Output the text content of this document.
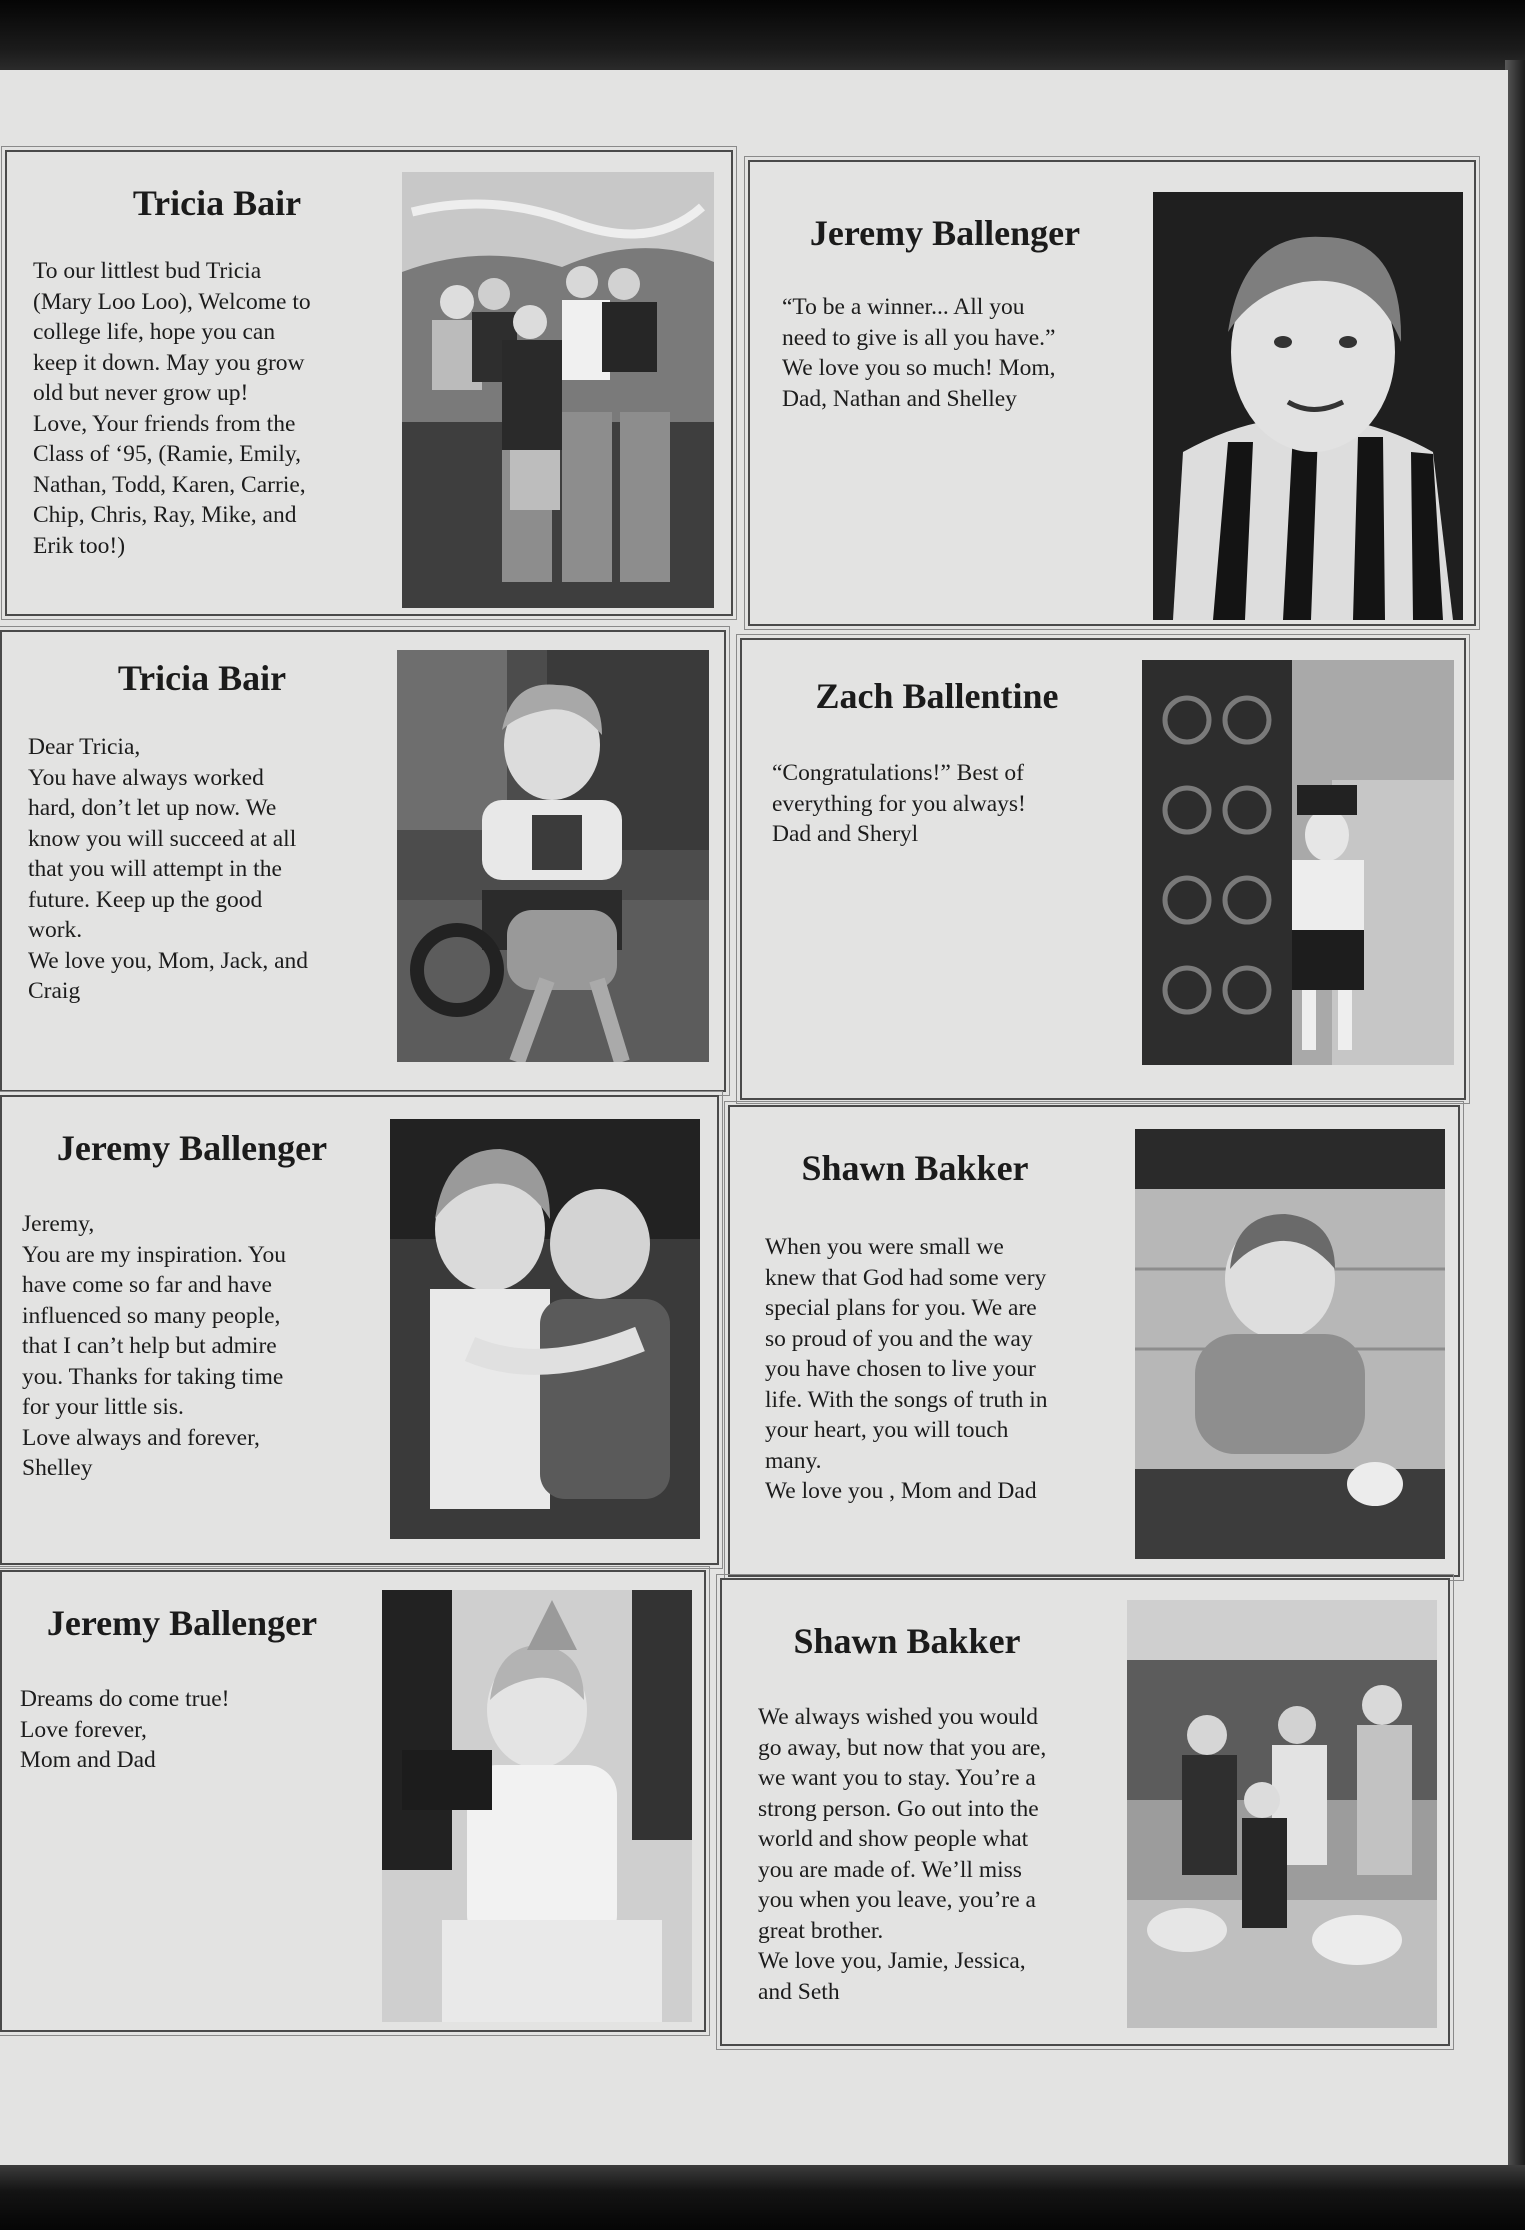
Tricia Bair
To our littlest bud Tricia
(Mary Loo Loo), Welcome to
college life, hope you can
keep it down. May you grow
old but never grow up!
Love, Your friends from the
Class of ‘95, (Ramie, Emily,
Nathan, Todd, Karen, Carrie,
Chip, Chris, Ray, Mike, and
Erik too!)
Jeremy Ballenger
“To be a winner... All you
need to give is all you have.”
We love you so much! Mom,
Dad, Nathan and Shelley
Tricia Bair
Dear Tricia,
You have always worked
hard, don’t let up now. We
know you will succeed at all
that you will attempt in the
future. Keep up the good
work.
We love you, Mom, Jack, and
Craig
Zach Ballentine
“Congratulations!” Best of
everything for you always!
Dad and Sheryl
Jeremy Ballenger
Jeremy,
You are my inspiration. You
have come so far and have
influenced so many people,
that I can’t help but admire
you. Thanks for taking time
for your little sis.
Love always and forever,
Shelley
Shawn Bakker
When you were small we
knew that God had some very
special plans for you. We are
so proud of you and the way
you have chosen to live your
life. With the songs of truth in
your heart, you will touch
many.
We love you , Mom and Dad
Jeremy Ballenger
Dreams do come true!
Love forever,
Mom and Dad
Shawn Bakker
We always wished you would
go away, but now that you are,
we want you to stay. You’re a
strong person. Go out into the
world and show people what
you are made of. We’ll miss
you when you leave, you’re a
great brother.
We love you, Jamie, Jessica,
and Seth
